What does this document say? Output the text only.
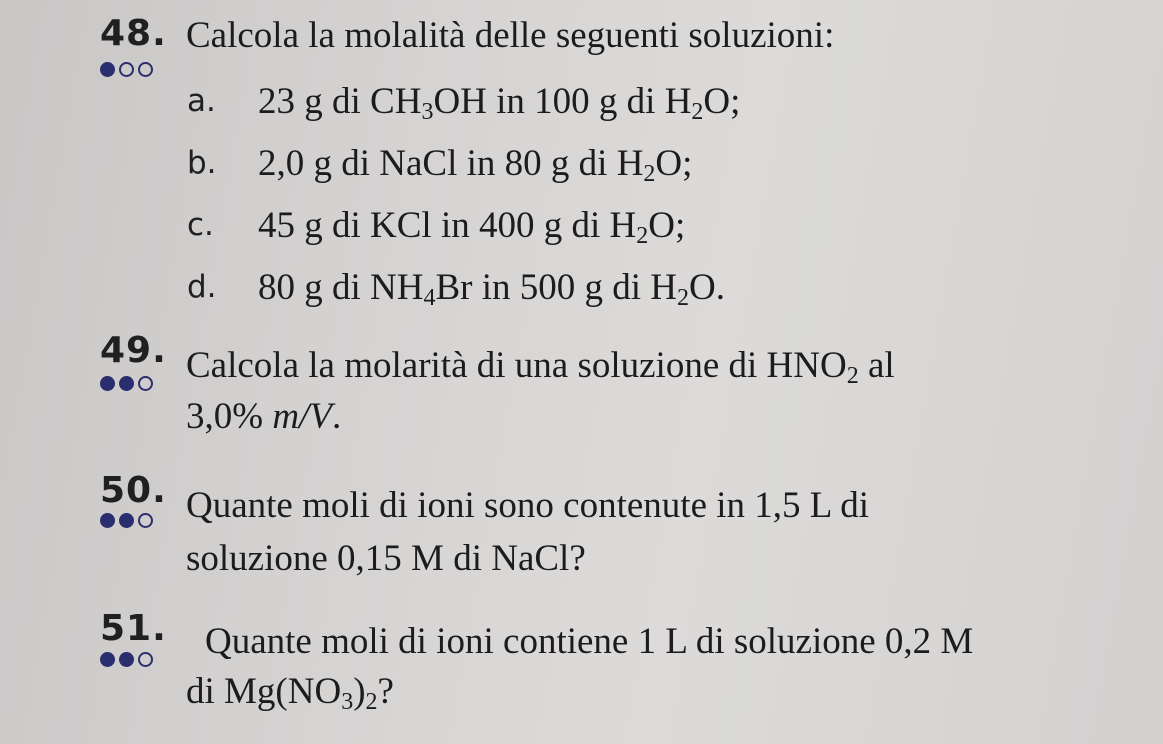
48. Calcola la molalità delle seguenti soluzioni:
a. 23 g di $CH_3OH$ in 100 g di $H_2O$;
b. 2,0 g di NaCl in 80 g di $H_2O$;
c. 45 g di KCl in 400 g di $H_2O$;
d. 80 g di $NH_4Br$ in 500 g di $H_2O$.
49. Calcola la molarità di una soluzione di $HNO_2$ al
3,0% m/V.
50. Quante moli di ioni sono contenute in 1,5 L di
soluzione 0,15 M di NaCl?
51. Quante moli di ioni contiene 1 L di soluzione 0,2 M
di $Mg(NO_3)_2$?
